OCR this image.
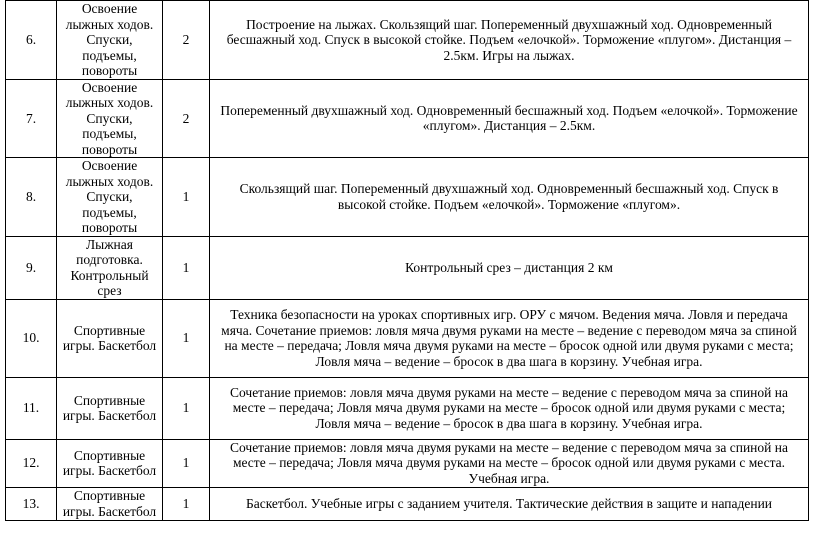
6.	Освоение лыжных ходов. Спуски, подъемы, повороты	2	Построение на лыжах. Скользящий шаг. Попеременный двухшажный ход. Одновременный бесшажный ход. Спуск в высокой стойке. Подъем «елочкой». Торможение «плугом». Дистанция – 2.5км. Игры на лыжах.
7.	Освоение лыжных ходов. Спуски, подъемы, повороты	2	Попеременный двухшажный ход. Одновременный бесшажный ход. Подъем «елочкой». Торможение «плугом». Дистанция – 2.5км.
8.	Освоение лыжных ходов. Спуски, подъемы, повороты	1	Скользящий шаг. Попеременный двухшажный ход. Одновременный бесшажный ход. Спуск в высокой стойке. Подъем «елочкой». Торможение «плугом».
9.	Лыжная подготовка. Контрольный срез	1	Контрольный срез – дистанция 2 км
10.	Спортивные игры. Баскетбол	1	Техника безопасности на уроках спортивных игр. ОРУ с мячом. Ведения мяча. Ловля и передача мяча. Сочетание приемов: ловля мяча двумя руками на месте – ведение с переводом мяча за спиной на месте – передача; Ловля мяча двумя руками на месте – бросок одной или двумя руками с места; Ловля мяча – ведение – бросок в два шага в корзину. Учебная игра.
11.	Спортивные игры. Баскетбол	1	Сочетание приемов: ловля мяча двумя руками на месте – ведение с переводом мяча за спиной на месте – передача; Ловля мяча двумя руками на месте – бросок одной или двумя руками с места; Ловля мяча – ведение – бросок в два шага в корзину. Учебная игра.
12.	Спортивные игры. Баскетбол	1	Сочетание приемов: ловля мяча двумя руками на месте – ведение с переводом мяча за спиной на месте – передача; Ловля мяча двумя руками на месте – бросок одной или двумя руками с места. Учебная игра.
13.	Спортивные игры. Баскетбол	1	Баскетбол. Учебные игры с заданием учителя. Тактические действия в защите и нападении
